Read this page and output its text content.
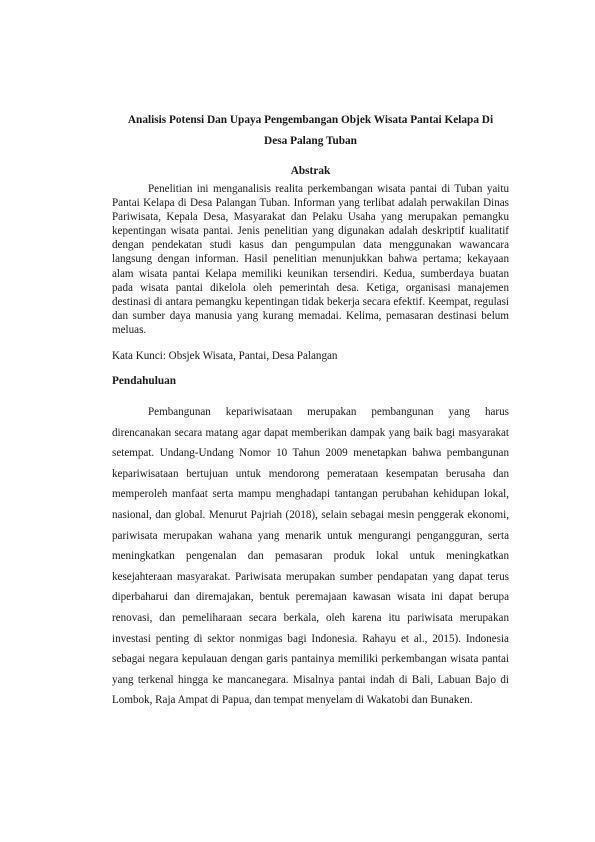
Analisis Potensi Dan Upaya Pengembangan Objek Wisata Pantai Kelapa Di
Desa Palang Tuban
Abstrak

Penelitian ini menganalisis realita perkembangan wisata pantai di Tuban yaitu Pantai Kelapa di Desa Palangan Tuban. Informan yang terlibat adalah perwakilan Dinas Pariwisata, Kepala Desa, Masyarakat dan Pelaku Usaha yang merupakan pemangku kepentingan wisata pantai. Jenis penelitian yang digunakan adalah deskriptif kualitatif dengan pendekatan studi kasus dan pengumpulan data menggunakan wawancara langsung dengan informan. Hasil penelitian menunjukkan bahwa pertama; kekayaan alam wisata pantai Kelapa memiliki keunikan tersendiri. Kedua, sumberdaya buatan pada wisata pantai dikelola oleh pemerintah desa. Ketiga, organisasi manajemen destinasi di antara pemangku kepentingan tidak bekerja secara efektif. Keempat, regulasi dan sumber daya manusia yang kurang memadai. Kelima, pemasaran destinasi belum meluas.

Kata Kunci: Obsjek Wisata, Pantai, Desa Palangan
Pendahuluan

Pembangunan kepariwisataan merupakan pembangunan yang harus direncanakan secara matang agar dapat memberikan dampak yang baik bagi masyarakat setempat. Undang-Undang Nomor 10 Tahun 2009 menetapkan bahwa pembangunan kepariwisataan bertujuan untuk mendorong pemerataan kesempatan berusaha dan memperoleh manfaat serta mampu menghadapi tantangan perubahan kehidupan lokal, nasional, dan global. Menurut Pajriah (2018), selain sebagai mesin penggerak ekonomi, pariwisata merupakan wahana yang menarik untuk mengurangi pengangguran, serta meningkatkan pengenalan dan pemasaran produk lokal untuk meningkatkan kesejahteraan masyarakat. Pariwisata merupakan sumber pendapatan yang dapat terus diperbaharui dan diremajakan, bentuk peremajaan kawasan wisata ini dapat berupa renovasi, dan pemeliharaan secara berkala, oleh karena itu pariwisata merupakan investasi penting di sektor nonmigas bagi Indonesia. Rahayu et al., 2015). Indonesia sebagai negara kepulauan dengan garis pantainya memiliki perkembangan wisata pantai yang terkenal hingga ke mancanegara. Misalnya pantai indah di Bali, Labuan Bajo di Lombok, Raja Ampat di Papua, dan tempat menyelam di Wakatobi dan Bunaken.
